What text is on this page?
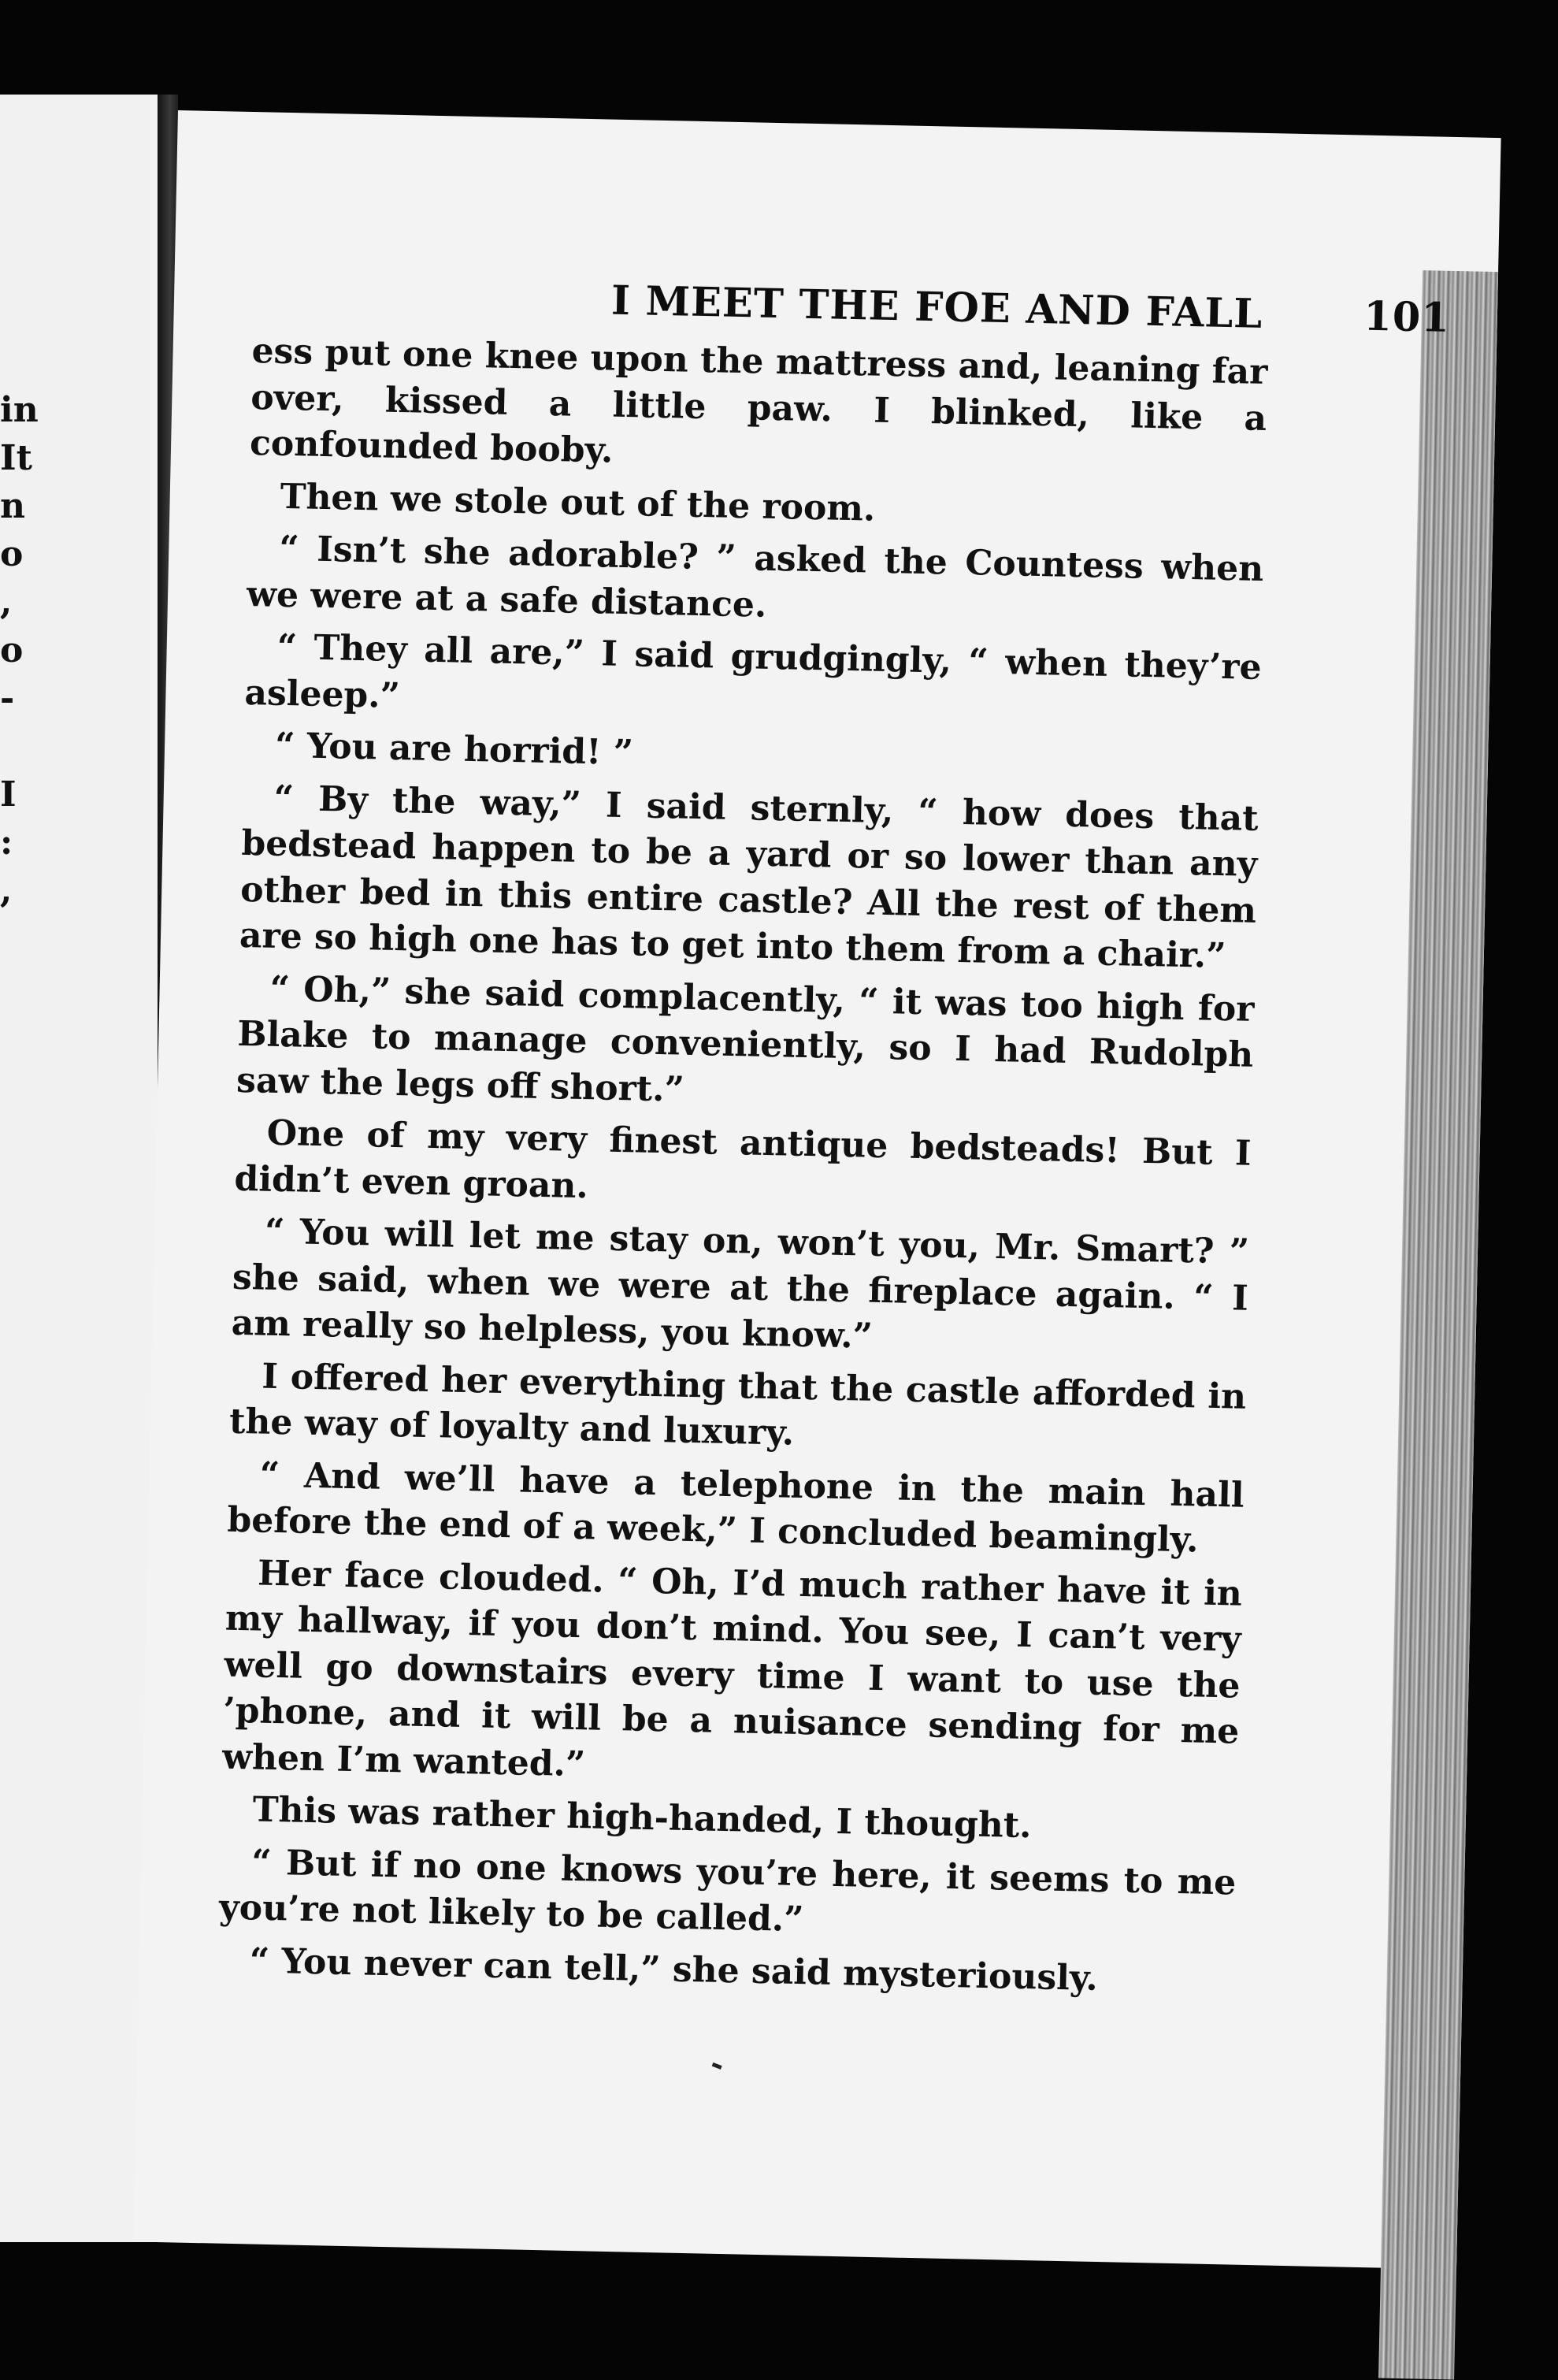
in
It
n
o
,
o
-
I
:
,
I MEET THE FOE AND FALL 101

ess put one knee upon the mattress and, leaning far over, kissed a little paw. I blinked, like a confounded booby.

Then we stole out of the room.

“ Isn’t she adorable? ” asked the Countess when we were at a safe distance.

“ They all are,” I said grudgingly, “ when they’re asleep.”

“ You are horrid! ”

“ By the way,” I said sternly, “ how does that bedstead happen to be a yard or so lower than any other bed in this entire castle? All the rest of them are so high one has to get into them from a chair.”

“ Oh,” she said complacently, “ it was too high for Blake to manage conveniently, so I had Rudolph saw the legs off short.”

One of my very finest antique bedsteads! But I didn’t even groan.

“ You will let me stay on, won’t you, Mr. Smart? ” she said, when we were at the fireplace again. “ I am really so helpless, you know.”

I offered her everything that the castle afforded in the way of loyalty and luxury.

“ And we’ll have a telephone in the main hall before the end of a week,” I concluded beamingly.

Her face clouded. “ Oh, I’d much rather have it in my hallway, if you don’t mind. You see, I can’t very well go downstairs every time I want to use the ’phone, and it will be a nuisance sending for me when I’m wanted.”

This was rather high-handed, I thought.

“ But if no one knows you’re here, it seems to me you’re not likely to be called.”

“ You never can tell,” she said mysteriously.
